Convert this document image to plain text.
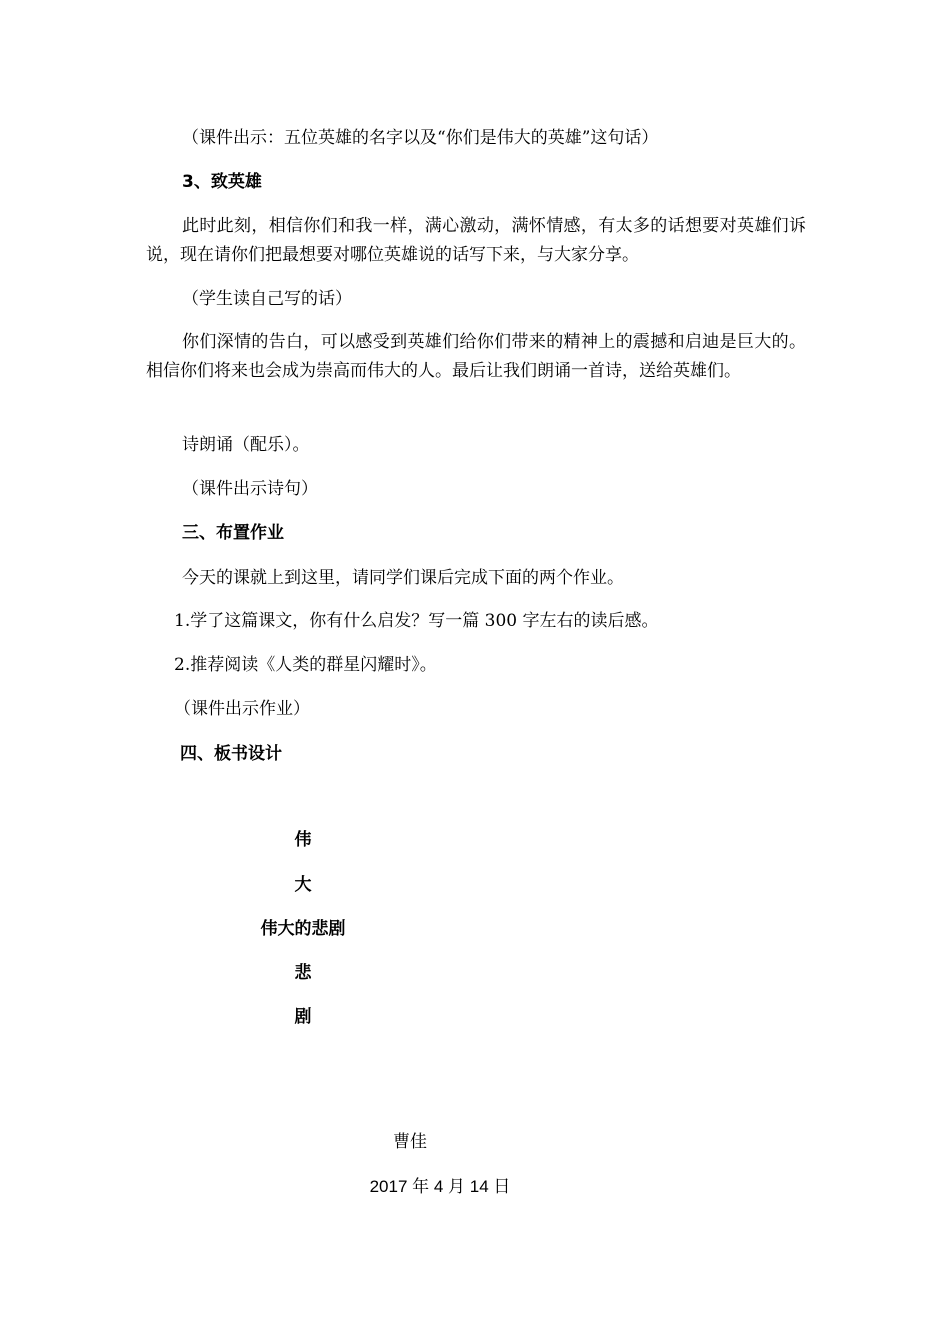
（课件出示：五位英雄的名字以及“你们是伟大的英雄”这句话）
3、致英雄
此时此刻，相信你们和我一样，满心激动，满怀情感，有太多的话想要对英雄们诉说，现在请你们把最想要对哪位英雄说的话写下来，与大家分享。
（学生读自己写的话）
你们深情的告白，可以感受到英雄们给你们带来的精神上的震撼和启迪是巨大的。相信你们将来也会成为崇高而伟大的人。最后让我们朗诵一首诗，送给英雄们。
诗朗诵（配乐）。
（课件出示诗句）
三、布置作业
今天的课就上到这里，请同学们课后完成下面的两个作业。
1.学了这篇课文，你有什么启发？写一篇 300 字左右的读后感。
2.推荐阅读《人类的群星闪耀时》。
（课件出示作业）
四、板书设计
伟
大
伟大的悲剧
悲
剧
曹佳
2017 年 4 月 14 日
